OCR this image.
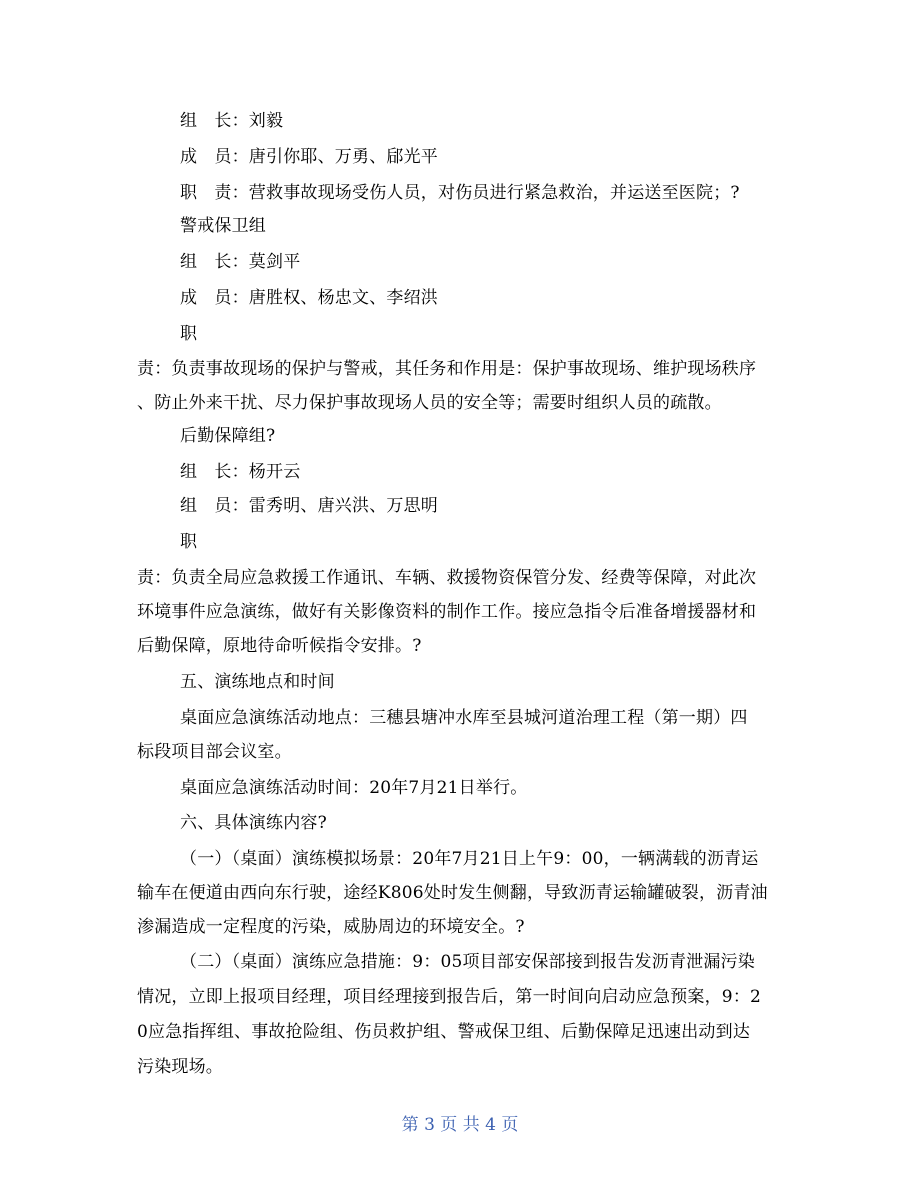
组　长：刘毅
成　员：唐引你耶、万勇、郈光平
职　责：营救事故现场受伤人员，对伤员进行紧急救治，并运送至医院；?
警戒保卫组
组　长：莫剑平
成　员：唐胜权、杨忠文、李绍洪
职
责：负责事故现场的保护与警戒，其任务和作用是：保护事故现场、维护现场秩序
、防止外来干扰、尽力保护事故现场人员的安全等；需要时组织人员的疏散。
后勤保障组?
组　长：杨开云
组　员：雷秀明、唐兴洪、万思明
职
责：负责全局应急救援工作通讯、车辆、救援物资保管分发、经费等保障，对此次
环境事件应急演练，做好有关影像资料的制作工作。接应急指令后准备增援器材和
后勤保障，原地待命听候指令安排。?
五、演练地点和时间
桌面应急演练活动地点：三穗县塘冲水库至县城河道治理工程（第一期）四
标段项目部会议室。
桌面应急演练活动时间：20年7月21日举行。
六、具体演练内容?
（一）（桌面）演练模拟场景：20年7月21日上午9：00，一辆满载的沥青运
输车在便道由西向东行驶，途经K806处时发生侧翻，导致沥青运输罐破裂，沥青油
渗漏造成一定程度的污染，威胁周边的环境安全。?
（二）（桌面）演练应急措施：9：05项目部安保部接到报告发沥青泄漏污染
情况，立即上报项目经理，项目经理接到报告后，第一时间向启动应急预案，9：2
0应急指挥组、事故抢险组、伤员救护组、警戒保卫组、后勤保障足迅速出动到达
污染现场。
第 3 页 共 4 页
